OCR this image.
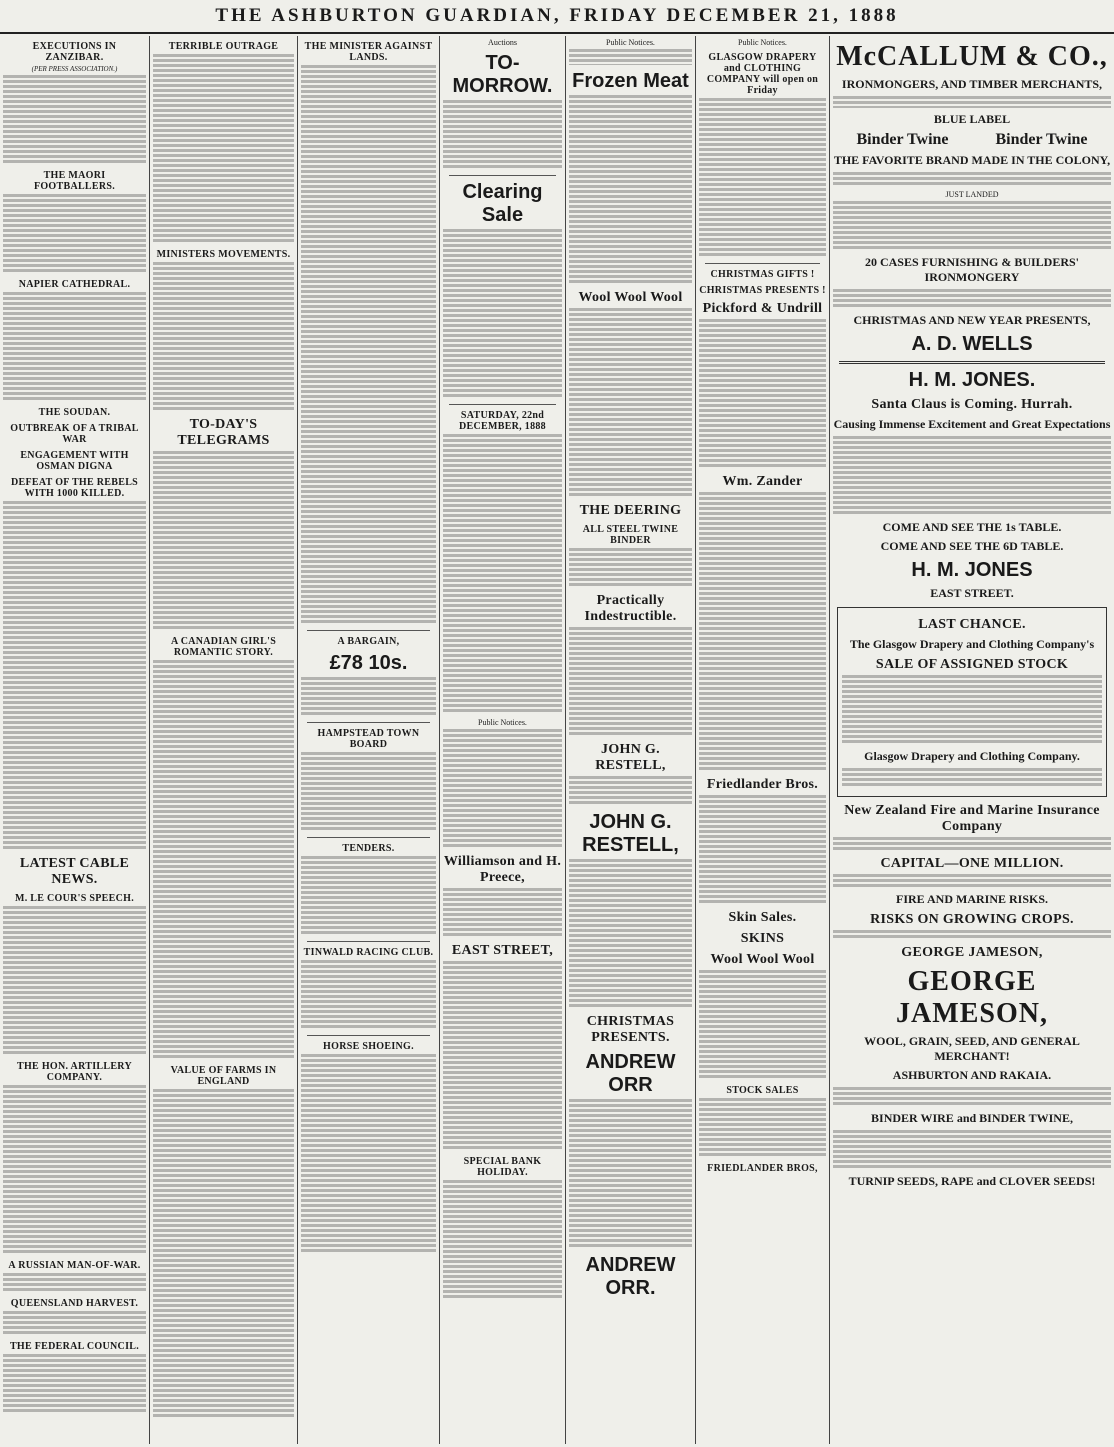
THE ASHBURTON GUARDIAN, FRIDAY DECEMBER 21, 1888
EXECUTIONS IN ZANZIBAR.
(PER PRESS ASSOCIATION.)
THE MAORI FOOTBALLERS.
NAPIER CATHEDRAL.
THE SOUDAN.
OUTBREAK OF A TRIBAL WAR
ENGAGEMENT WITH OSMAN DIGNA
DEFEAT OF THE REBELS WITH 1000 KILLED.
LATEST CABLE NEWS.
M. LE COUR'S SPEECH.
THE HON. ARTILLERY COMPANY.
A RUSSIAN MAN-OF-WAR.
QUEENSLAND HARVEST.
THE FEDERAL COUNCIL.
TERRIBLE OUTRAGE
MINISTERS MOVEMENTS.
TO-DAY'S TELEGRAMS
A CANADIAN GIRL'S ROMANTIC STORY.
VALUE OF FARMS IN ENGLAND
THE MINISTER AGAINST LANDS.
A BARGAIN,
£78 10s.
HAMPSTEAD TOWN BOARD
TENDERS.
TINWALD RACING CLUB.
HORSE SHOEING.
Auctions
TO-MORROW.
Clearing Sale
SATURDAY, 22nd DECEMBER, 1888
Public Notices.
Williamson and H. Preece,
EAST STREET,
SPECIAL BANK HOLIDAY.
Public Notices.
Frozen Meat
Wool Wool Wool
THE DEERING
ALL STEEL TWINE BINDER
Practically Indestructible.
JOHN G. RESTELL,
JOHN G. RESTELL,
CHRISTMAS PRESENTS.
ANDREW ORR
ANDREW ORR.
Public Notices.
GLASGOW DRAPERY and CLOTHING COMPANY will open on Friday
CHRISTMAS GIFTS !
CHRISTMAS PRESENTS !
Pickford & Undrill
Wm. Zander
Friedlander Bros.
Skin Sales.
SKINS
Wool Wool Wool
STOCK SALES
FRIEDLANDER BROS,
McCALLUM & CO.,
IRONMONGERS, AND TIMBER MERCHANTS,
BLUE LABEL
Binder Twine	Binder Twine
THE FAVORITE BRAND MADE IN THE COLONY,
JUST LANDED
20 CASES FURNISHING & BUILDERS' IRONMONGERY
CHRISTMAS AND NEW YEAR PRESENTS,
A. D. WELLS
H. M. JONES.
Santa Claus is Coming. Hurrah.
Causing Immense Excitement and Great Expectations
COME AND SEE THE 1s TABLE.
COME AND SEE THE 6D TABLE.
H. M. JONES
EAST STREET.
LAST CHANCE.
The Glasgow Drapery and Clothing Company's
SALE OF ASSIGNED STOCK
Glasgow Drapery and Clothing Company.
New Zealand Fire and Marine Insurance Company
CAPITAL—ONE MILLION.
FIRE AND MARINE RISKS.
RISKS ON GROWING CROPS.
GEORGE JAMESON,
GEORGE JAMESON,
WOOL, GRAIN, SEED, AND GENERAL MERCHANT!
ASHBURTON AND RAKAIA.
BINDER WIRE and BINDER TWINE,
TURNIP SEEDS, RAPE and CLOVER SEEDS!
